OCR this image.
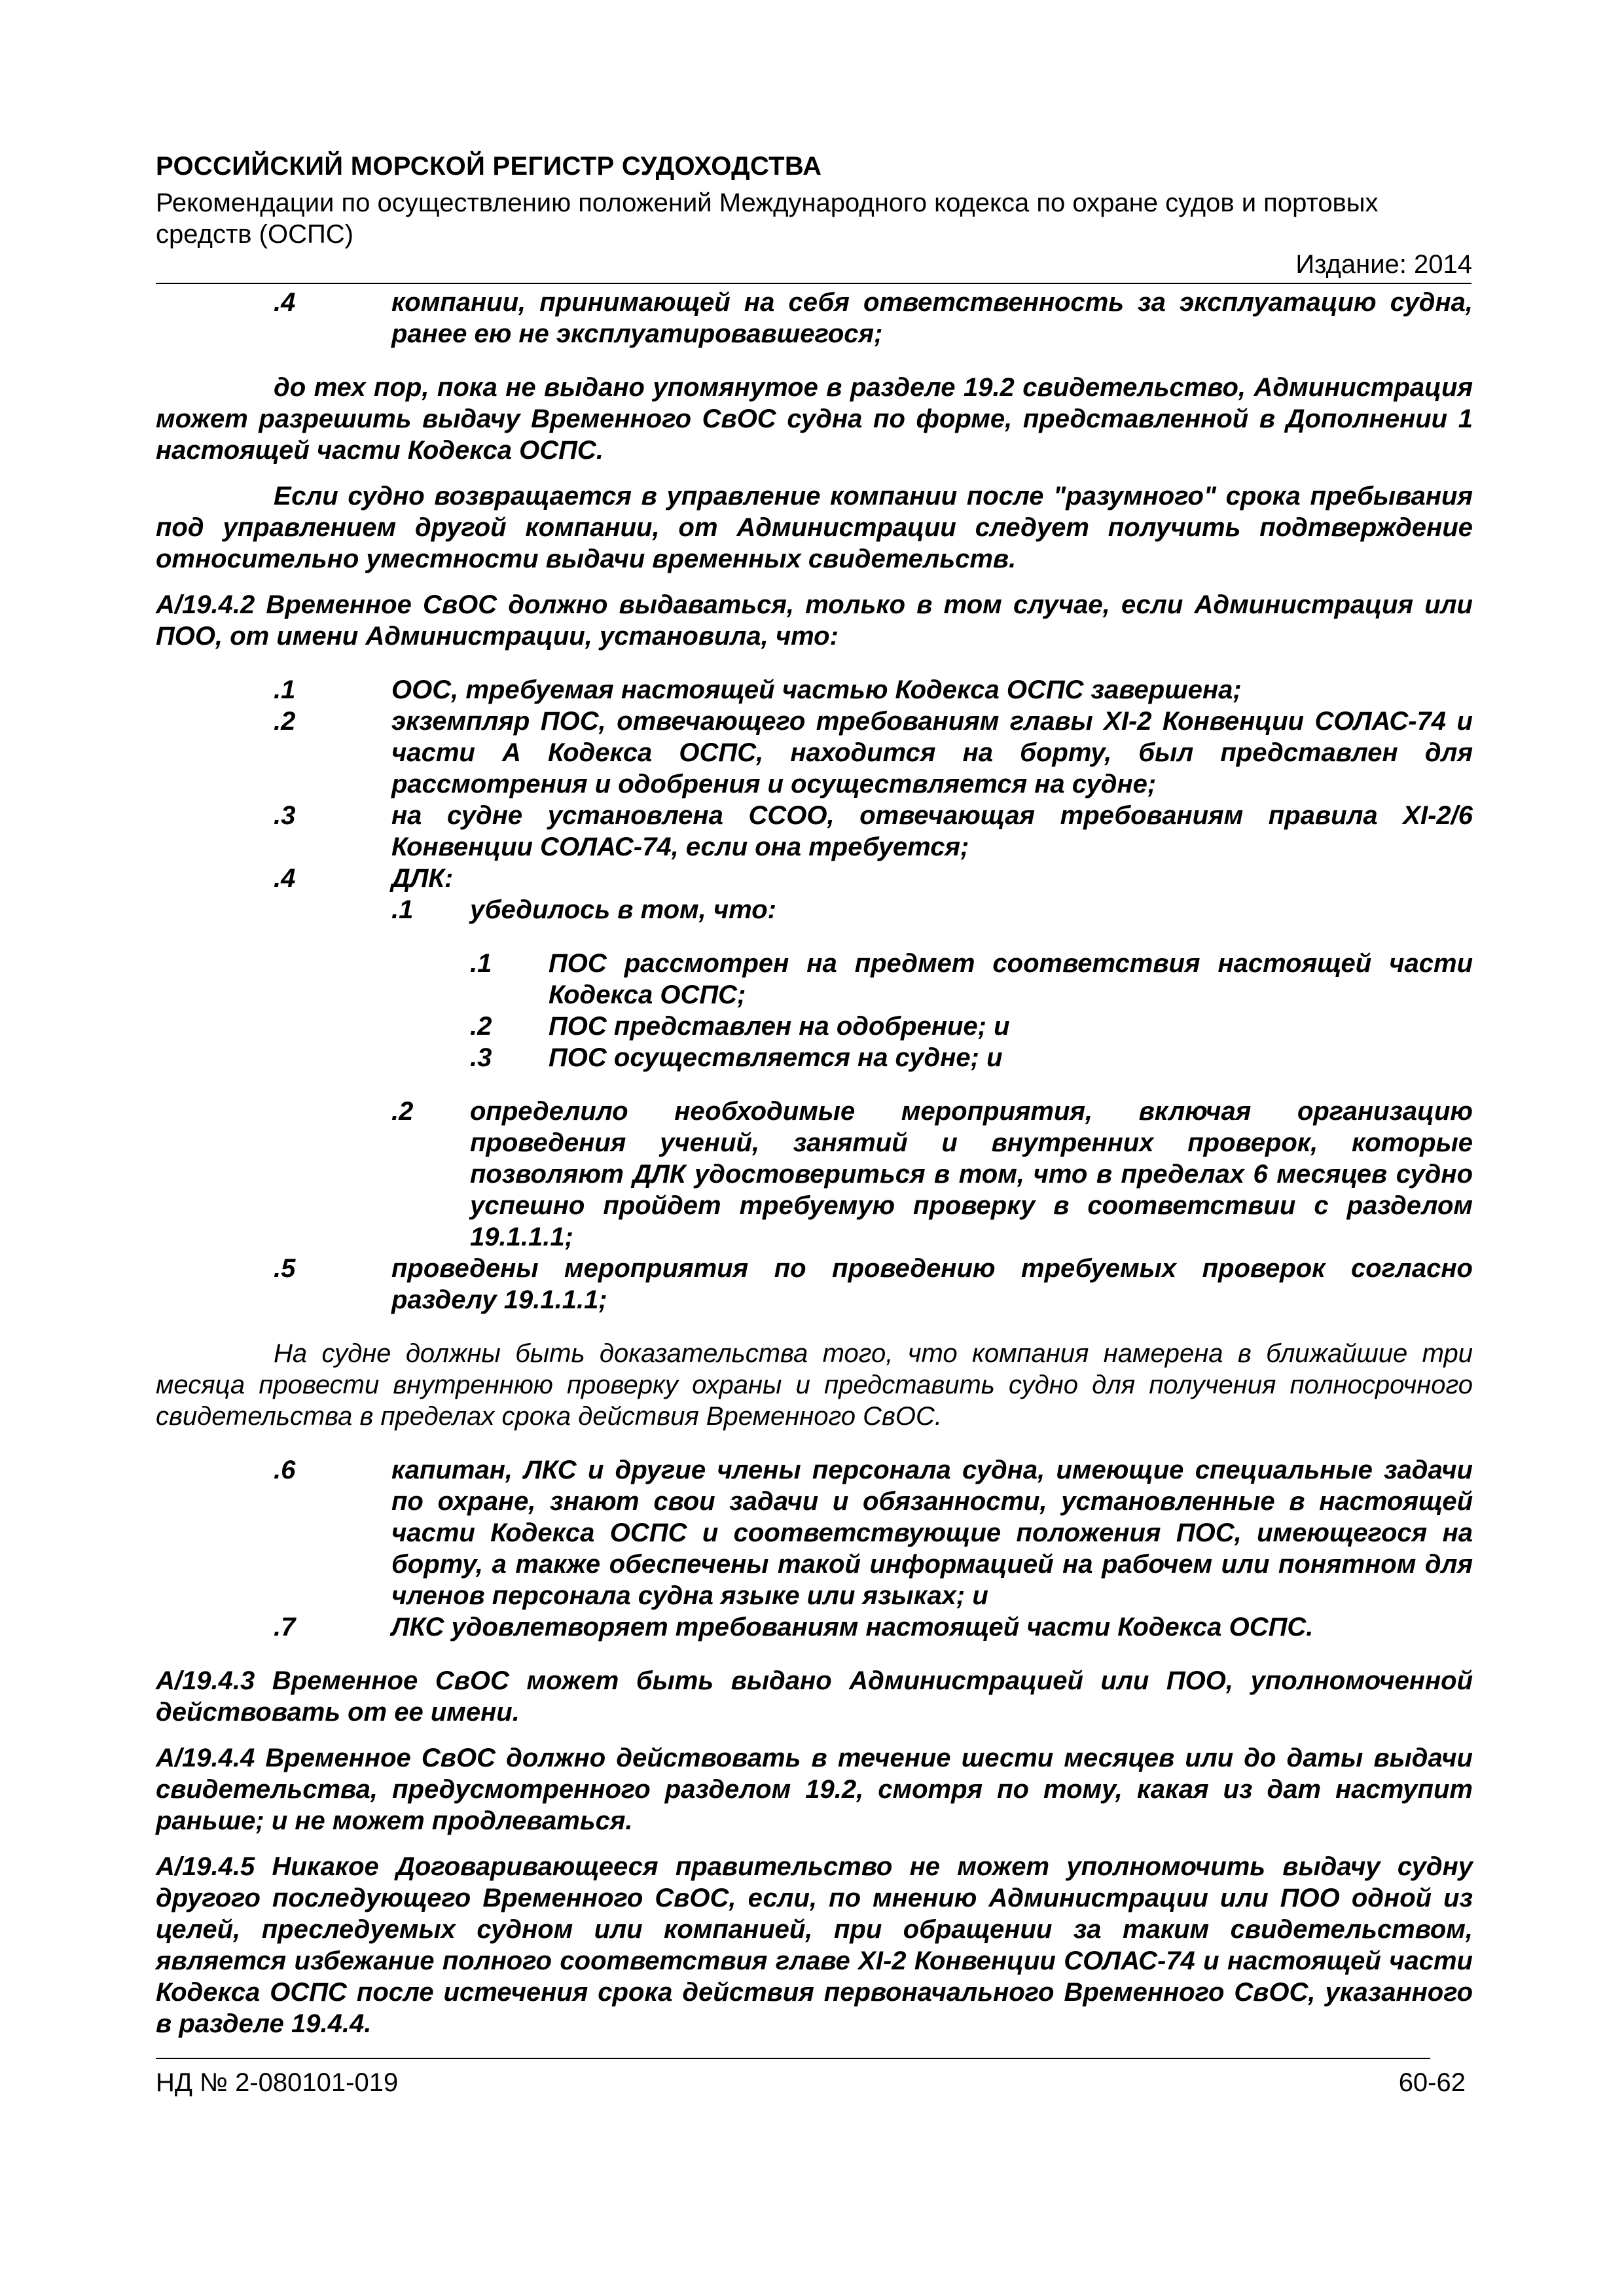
РОССИЙСКИЙ МОРСКОЙ РЕГИСТР СУДОХОДСТВА
Рекомендации по осуществлению положений Международного кодекса по охране судов и портовых средств (ОСПС)
Издание: 2014
.4	компании, принимающей на себя ответственность за эксплуатацию судна, ранее ею не эксплуатировавшегося;

до тех пор, пока не выдано упомянутое в разделе 19.2 свидетельство, Администрация может разрешить выдачу Временного СвОС судна по форме, представленной в Дополнении 1 настоящей части Кодекса ОСПС.

Если судно возвращается в управление компании после "разумного" срока пребывания под управлением другой компании, от Администрации следует получить подтверждение относительно уместности выдачи временных свидетельств.

A/19.4.2 Временное СвОС должно выдаваться, только в том случае, если Администрация или ПОО, от имени Администрации, установила, что:

.1	ООС, требуемая настоящей частью Кодекса ОСПС завершена;
.2	экземпляр ПОС, отвечающего требованиям главы XI-2 Конвенции СОЛАС-74 и части А Кодекса ОСПС, находится на борту, был представлен для рассмотрения и одобрения и осуществляется на судне;
.3	на судне установлена ССОО, отвечающая требованиям правила XI-2/6 Конвенции СОЛАС-74, если она требуется;
.4	ДЛК:
.1	убедилось в том, что:
.1	ПОС рассмотрен на предмет соответствия настоящей части Кодекса ОСПС;
.2	ПОС представлен на одобрение; и
.3	ПОС осуществляется на судне; и
.2	определило необходимые мероприятия, включая организацию проведения учений, занятий и внутренних проверок, которые позволяют ДЛК удостовериться в том, что в пределах 6 месяцев судно успешно пройдет требуемую проверку в соответствии с разделом 19.1.1.1;
.5	проведены мероприятия по проведению требуемых проверок согласно разделу 19.1.1.1;

На судне должны быть доказательства того, что компания намерена в ближайшие три месяца провести внутреннюю проверку охраны и представить судно для получения полносрочного свидетельства в пределах срока действия Временного СвОС.

.6	капитан, ЛКС и другие члены персонала судна, имеющие специальные задачи по охране, знают свои задачи и обязанности, установленные в настоящей части Кодекса ОСПС и соответствующие положения ПОС, имеющегося на борту, а также обеспечены такой информацией на рабочем или понятном для членов персонала судна языке или языках; и
.7	ЛКС удовлетворяет требованиям настоящей части Кодекса ОСПС.

A/19.4.3 Временное СвОС может быть выдано Администрацией или ПОО, уполномоченной действовать от ее имени.

A/19.4.4 Временное СвОС должно действовать в течение шести месяцев или до даты выдачи свидетельства, предусмотренного разделом 19.2, смотря по тому, какая из дат наступит раньше; и не может продлеваться.

A/19.4.5 Никакое Договаривающееся правительство не может уполномочить выдачу судну другого последующего Временного СвОС, если, по мнению Администрации или ПОО одной из целей, преследуемых судном или компанией, при обращении за таким свидетельством, является избежание полного соответствия главе XI-2 Конвенции СОЛАС-74 и настоящей части Кодекса ОСПС после истечения срока действия первоначального Временного СвОС, указанного в разделе 19.4.4.

НД № 2-080101-019	60-62
